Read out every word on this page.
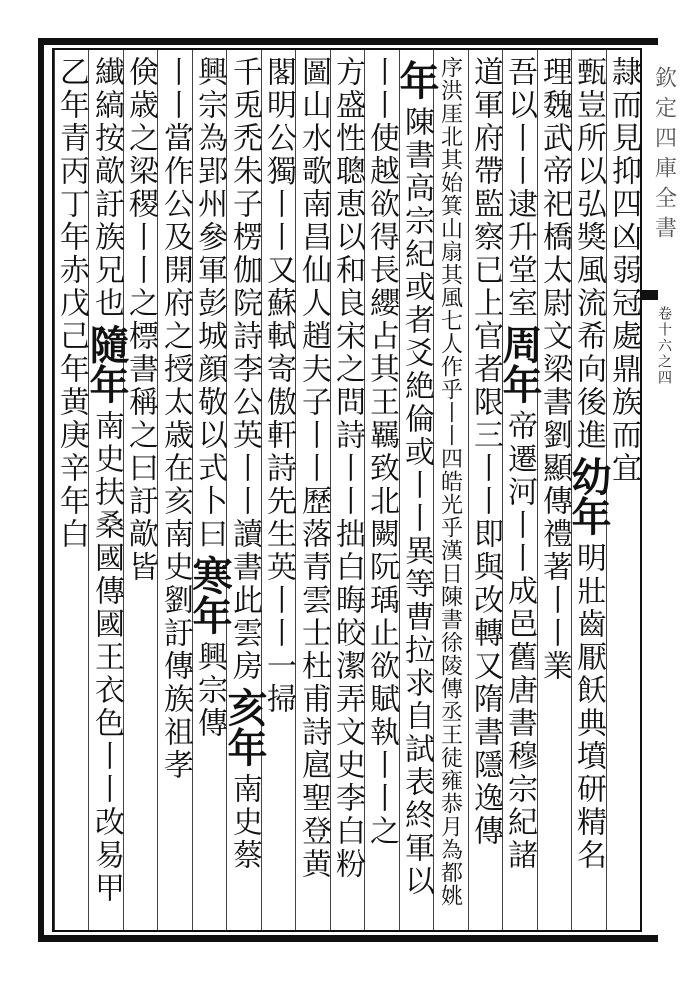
欽定四庫全書
卷十六之四
隷而見抑四凶弱冠處鼎族而宜
甄豈所以弘獎風流希向後進
幼年
明壯齒厭飫典墳研精名
理魏武帝祀橋太尉文
梁書劉顯傳禮著丨丨業
吾以丨丨逮升堂室
周年
帝遷河丨丨成邑舊唐書穆宗紀諸
道軍府帶監察已上官者限三丨丨即與改轉又隋書隱逸傳
序洪厓北其始箕山扇其風七人作乎丨丨四皓光乎漢日
陳書徐陵傳丞王徒雍恭月為都姚
年
陳書高宗紀或者爻絶倫或丨丨異等曹拉求自試表終軍以
丨丨使越欲得長纓占其王羈致北闕阮瑀止欲賦執丨丨之
方盛性聰恵以和良宋之問詩丨丨拙白晦皎潔弄文史李白粉
圖山水歌南昌仙人趙夫子丨丨歷落青雲士杜甫詩扈聖登黄
閣明公獨丨丨又蘇軾寄傲軒詩先生英丨丨一掃
千兎禿朱子楞伽院詩李公英丨丨讀書此雲房
亥年
南史蔡
興宗為郢州參軍彭城顔敬以式卜曰
寒年
興宗傳
丨丨當作公及開府之授太歳在亥
南史劉訏傳族祖孝
倹歳之梁稷丨丨之
標書稱之曰訏歊皆
纎縞按歊訏族兄也
隨年
南史扶桑國傳國王衣色丨丨改易甲
乙年青丙丁年赤戊己年黄庚辛年白
